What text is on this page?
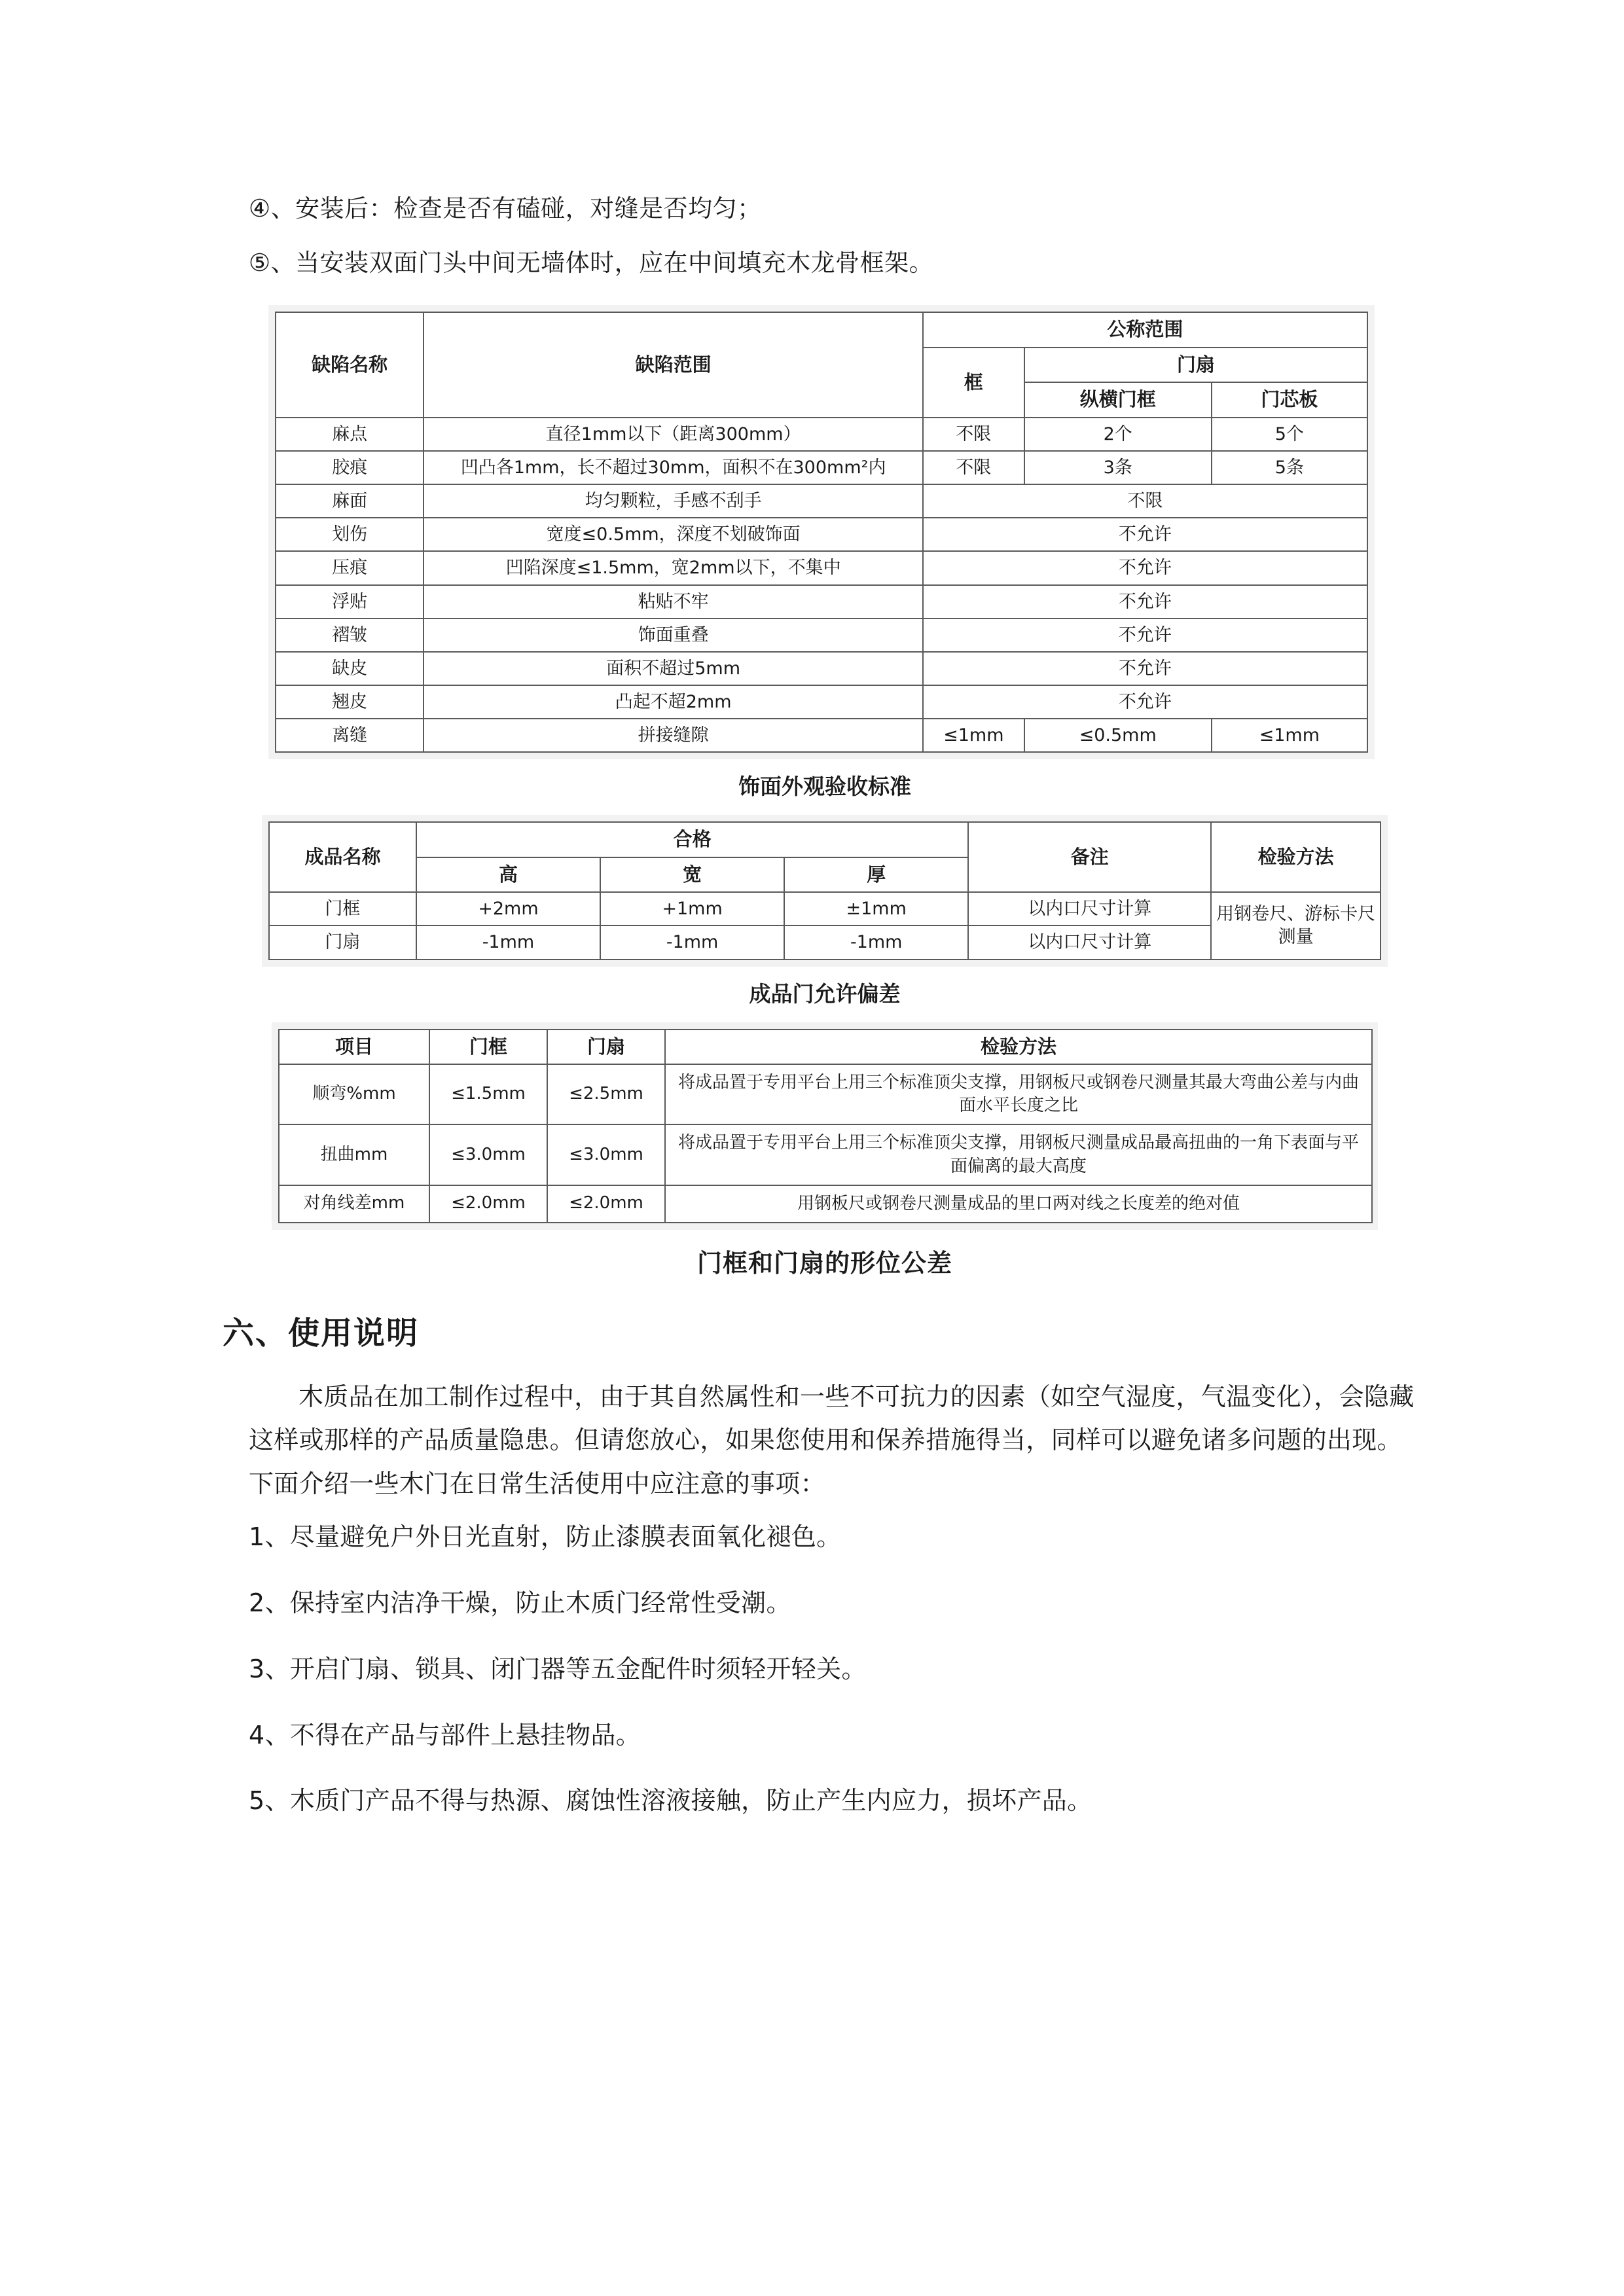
④、安装后：检查是否有磕碰，对缝是否均匀；

⑤、当安装双面门头中间无墙体时，应在中间填充木龙骨框架。

缺陷名称	缺陷范围	公称范围		
		框	门扇	
			纵横门框	门芯板
麻点	直径1mm以下（距离300mm）	不限	2个	5个
胶痕	凹凸各1mm，长不超过30mm，面积不在300mm²内	不限	3条	5条
麻面	均匀颗粒，手感不刮手	不限		
划伤	宽度≤0.5mm，深度不划破饰面	不允许		
压痕	凹陷深度≤1.5mm，宽2mm以下，不集中	不允许		
浮贴	粘贴不牢	不允许		
褶皱	饰面重叠	不允许		
缺皮	面积不超过5mm	不允许		
翘皮	凸起不超2mm	不允许		
离缝	拼接缝隙	≤1mm	≤0.5mm	≤1mm
饰面外观验收标准
成品名称	合格			备注	检验方法
	高	宽	厚		
门框	+2mm	+1mm	±1mm	以内口尺寸计算	用钢卷尺、游标卡尺测量
门扇	-1mm	-1mm	-1mm	以内口尺寸计算	
成品门允许偏差
项目	门框	门扇	检验方法
顺弯%mm	≤1.5mm	≤2.5mm	将成品置于专用平台上用三个标准顶尖支撑，用钢板尺或钢卷尺测量其最大弯曲公差与内曲面水平长度之比
扭曲mm	≤3.0mm	≤3.0mm	将成品置于专用平台上用三个标准顶尖支撑，用钢板尺测量成品最高扭曲的一角下表面与平面偏离的最大高度
对角线差mm	≤2.0mm	≤2.0mm	用钢板尺或钢卷尺测量成品的里口两对线之长度差的绝对值
门框和门扇的形位公差
六、使用说明

木质品在加工制作过程中，由于其自然属性和一些不可抗力的因素（如空气湿度，气温变化），会隐藏这样或那样的产品质量隐患。但请您放心，如果您使用和保养措施得当，同样可以避免诸多问题的出现。下面介绍一些木门在日常生活使用中应注意的事项：

1、尽量避免户外日光直射，防止漆膜表面氧化褪色。

2、保持室内洁净干燥，防止木质门经常性受潮。

3、开启门扇、锁具、闭门器等五金配件时须轻开轻关。

4、不得在产品与部件上悬挂物品。

5、木质门产品不得与热源、腐蚀性溶液接触，防止产生内应力，损坏产品。
